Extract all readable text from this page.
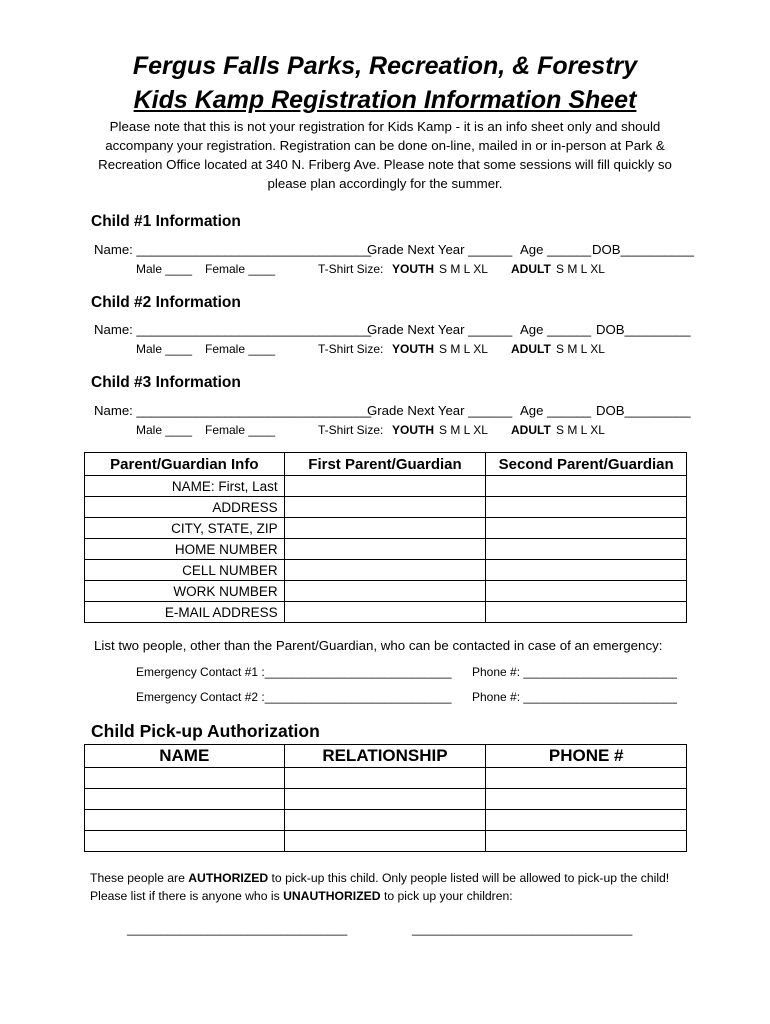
Fergus Falls Parks, Recreation, & Forestry
Kids Kamp Registration Information Sheet
Please note that this is not your registration for Kids Kamp - it is an info sheet only and should accompany your registration. Registration can be done on-line, mailed in or in-person at Park & Recreation Office located at 340 N. Friberg Ave. Please note that some sessions will fill quickly so please plan accordingly for the summer.
Child #1 Information
Name: ________________________________
Grade Next Year ______ Age ______ DOB__________
Male ____ Female ____	T-Shirt Size: YOUTH S M L XL ADULT S M L XL
Child #2 Information
Name: ________________________________
Grade Next Year ______ Age ______ DOB_________
Male ____ Female ____	T-Shirt Size: YOUTH S M L XL ADULT S M L XL
Child #3 Information
Name: ________________________________
Grade Next Year ______ Age ______ DOB_________
Male ____ Female ____	T-Shirt Size: YOUTH S M L XL ADULT S M L XL
Parent/Guardian Info	First Parent/Guardian	Second Parent/Guardian
NAME: First, Last		
ADDRESS		
CITY, STATE, ZIP		
HOME NUMBER		
CELL NUMBER		
WORK NUMBER		
E-MAIL ADDRESS		
List two people, other than the Parent/Guardian, who can be contacted in case of an emergency:
Emergency Contact #1 :____________________________ Phone #: _______________________
Emergency Contact #2 :____________________________ Phone #: _______________________
Child Pick-up Authorization
NAME	RELATIONSHIP	PHONE #

These people are AUTHORIZED to pick-up this child. Only people listed will be allowed to pick-up the child!
Please list if there is anyone who is UNAUTHORIZED to pick up your children:
_________________________________	_________________________________
